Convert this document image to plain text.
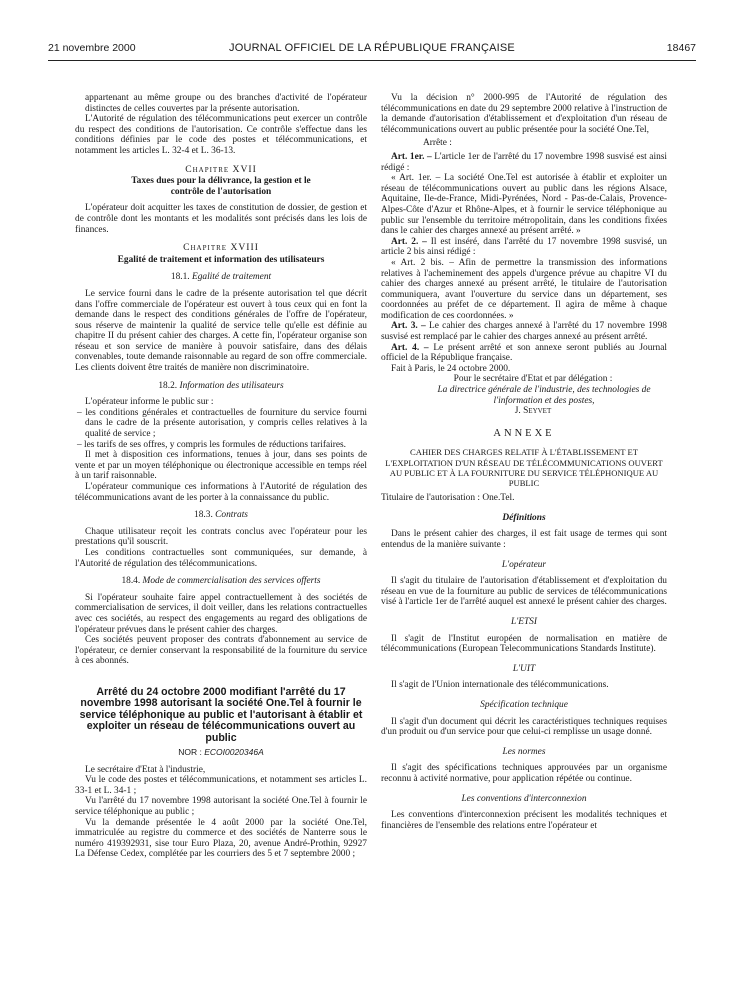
21 novembre 2000	JOURNAL OFFICIEL DE LA RÉPUBLIQUE FRANÇAISE	18467

appartenant au même groupe ou des branches d'activité de l'opérateur distinctes de celles couvertes par la présente autorisation.

L'Autorité de régulation des télécommunications peut exercer un contrôle du respect des conditions de l'autorisation. Ce contrôle s'effectue dans les conditions définies par le code des postes et télécommunications, et notamment les articles L. 32-4 et L. 36-13.

Chapitre XVII
Taxes dues pour la délivrance, la gestion et le contrôle de l'autorisation

L'opérateur doit acquitter les taxes de constitution de dossier, de gestion et de contrôle dont les montants et les modalités sont précisés dans les lois de finances.

Chapitre XVIII
Egalité de traitement et information des utilisateurs
18.1. Egalité de traitement

Le service fourni dans le cadre de la présente autorisation tel que décrit dans l'offre commerciale de l'opérateur est ouvert à tous ceux qui en font la demande dans le respect des conditions générales de l'offre de l'opérateur, sous réserve de maintenir la qualité de service telle qu'elle est définie au chapitre II du présent cahier des charges. A cette fin, l'opérateur organise son réseau et son service de manière à pouvoir satisfaire, dans des délais convenables, toute demande raisonnable au regard de son offre commerciale. Les clients doivent être traités de manière non discriminatoire.

18.2. Information des utilisateurs

L'opérateur informe le public sur :

– les conditions générales et contractuelles de fourniture du service fourni dans le cadre de la présente autorisation, y compris celles relatives à la qualité de service ;

– les tarifs de ses offres, y compris les formules de réductions tarifaires.

Il met à disposition ces informations, tenues à jour, dans ses points de vente et par un moyen téléphonique ou électronique accessible en temps réel à un tarif raisonnable.

L'opérateur communique ces informations à l'Autorité de régulation des télécommunications avant de les porter à la connaissance du public.

18.3. Contrats

Chaque utilisateur reçoit les contrats conclus avec l'opérateur pour les prestations qu'il souscrit.

Les conditions contractuelles sont communiquées, sur demande, à l'Autorité de régulation des télécommunications.

18.4. Mode de commercialisation des services offerts

Si l'opérateur souhaite faire appel contractuellement à des sociétés de commercialisation de services, il doit veiller, dans les relations contractuelles avec ces sociétés, au respect des engagements au regard des obligations de l'opérateur prévues dans le présent cahier des charges.

Ces sociétés peuvent proposer des contrats d'abonnement au service de l'opérateur, ce dernier conservant la responsabilité de la fourniture du service à ces abonnés.

Arrêté du 24 octobre 2000 modifiant l'arrêté du 17 novembre 1998 autorisant la société One.Tel à fournir le service téléphonique au public et l'autorisant à établir et exploiter un réseau de télécommunications ouvert au public
NOR : ECOI0020346A

Le secrétaire d'Etat à l'industrie,

Vu le code des postes et télécommunications, et notamment ses articles L. 33-1 et L. 34-1 ;

Vu l'arrêté du 17 novembre 1998 autorisant la société One.Tel à fournir le service téléphonique au public ;

Vu la demande présentée le 4 août 2000 par la société One.Tel, immatriculée au registre du commerce et des sociétés de Nanterre sous le numéro 419392931, sise tour Euro Plaza, 20, avenue André-Prothin, 92927 La Défense Cedex, complétée par les courriers des 5 et 7 septembre 2000 ;

Vu la décision n° 2000-995 de l'Autorité de régulation des télécommunications en date du 29 septembre 2000 relative à l'instruction de la demande d'autorisation d'établissement et d'exploitation d'un réseau de télécommunications ouvert au public présentée pour la société One.Tel,

Arrête :

Art. 1er. – L'article 1er de l'arrêté du 17 novembre 1998 susvisé est ainsi rédigé :

« Art. 1er. – La société One.Tel est autorisée à établir et exploiter un réseau de télécommunications ouvert au public dans les régions Alsace, Aquitaine, Ile-de-France, Midi-Pyrénées, Nord - Pas-de-Calais, Provence-Alpes-Côte d'Azur et Rhône-Alpes, et à fournir le service téléphonique au public sur l'ensemble du territoire métropolitain, dans les conditions fixées dans le cahier des charges annexé au présent arrêté. »

Art. 2. – Il est inséré, dans l'arrêté du 17 novembre 1998 susvisé, un article 2 bis ainsi rédigé :

« Art. 2 bis. – Afin de permettre la transmission des informations relatives à l'acheminement des appels d'urgence prévue au chapitre VI du cahier des charges annexé au présent arrêté, le titulaire de l'autorisation communiquera, avant l'ouverture du service dans un département, ses coordonnées au préfet de ce département. Il agira de même à chaque modification de ces coordonnées. »

Art. 3. – Le cahier des charges annexé à l'arrêté du 17 novembre 1998 susvisé est remplacé par le cahier des charges annexé au présent arrêté.

Art. 4. – Le présent arrêté et son annexe seront publiés au Journal officiel de la République française.

Fait à Paris, le 24 octobre 2000.

Pour le secrétaire d'Etat et par délégation :
La directrice générale de l'industrie, des technologies de l'information et des postes,
J. Seyvet
ANNEXE
CAHIER DES CHARGES RELATIF À L'ÉTABLISSEMENT ET L'EXPLOITATION D'UN RÉSEAU DE TÉLÉCOMMUNICATIONS OUVERT AU PUBLIC ET À LA FOURNITURE DU SERVICE TÉLÉPHONIQUE AU PUBLIC

Titulaire de l'autorisation : One.Tel.

Définitions

Dans le présent cahier des charges, il est fait usage de termes qui sont entendus de la manière suivante :

L'opérateur

Il s'agit du titulaire de l'autorisation d'établissement et d'exploitation du réseau en vue de la fourniture au public de services de télécommunications visé à l'article 1er de l'arrêté auquel est annexé le présent cahier des charges.

L'ETSI

Il s'agit de l'Institut européen de normalisation en matière de télécommunications (European Telecommunications Standards Institute).

L'UIT

Il s'agit de l'Union internationale des télécommunications.

Spécification technique

Il s'agit d'un document qui décrit les caractéristiques techniques requises d'un produit ou d'un service pour que celui-ci remplisse un usage donné.

Les normes

Il s'agit des spécifications techniques approuvées par un organisme reconnu à activité normative, pour application répétée ou continue.

Les conventions d'interconnexion

Les conventions d'interconnexion précisent les modalités techniques et financières de l'ensemble des relations entre l'opérateur et
